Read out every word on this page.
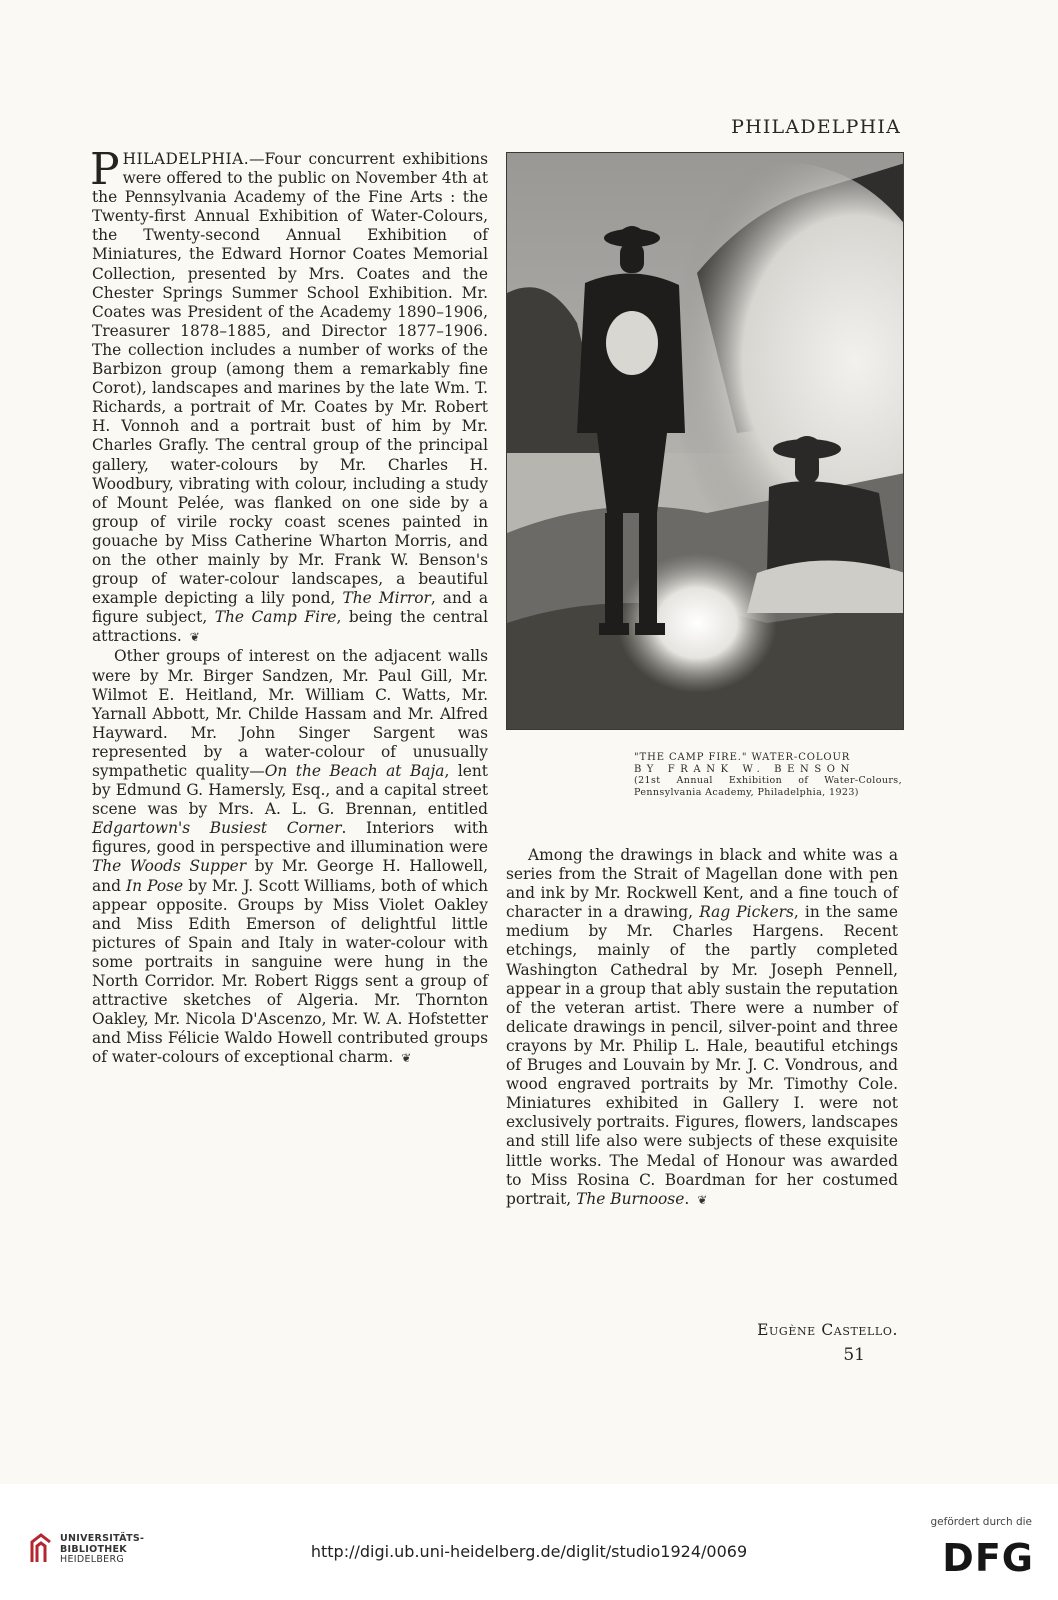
PHILADELPHIA

PHILADELPHIA.—Four concurrent exhibitions were offered to the public on November 4th at the Pennsylvania Academy of the Fine Arts : the Twenty-first Annual Exhibition of Water-Colours, the Twenty-second Annual Exhibition of Miniatures, the Edward Hornor Coates Memorial Collection, presented by Mrs. Coates and the Chester Springs Summer School Exhibition. Mr. Coates was President of the Academy 1890–1906, Treasurer 1878–1885, and Director 1877–1906. The collection includes a number of works of the Barbizon group (among them a remarkably fine Corot), landscapes and marines by the late Wm. T. Richards, a portrait of Mr. Coates by Mr. Robert H. Vonnoh and a portrait bust of him by Mr. Charles Grafly. The central group of the principal gallery, water-colours by Mr. Charles H. Woodbury, vibrating with colour, including a study of Mount Pelée, was flanked on one side by a group of virile rocky coast scenes painted in gouache by Miss Catherine Wharton Morris, and on the other mainly by Mr. Frank W. Benson's group of water-colour landscapes, a beautiful example depicting a lily pond, The Mirror, and a figure subject, The Camp Fire, being the central attractions. ❦

Other groups of interest on the adjacent walls were by Mr. Birger Sandzen, Mr. Paul Gill, Mr. Wilmot E. Heitland, Mr. William C. Watts, Mr. Yarnall Abbott, Mr. Childe Hassam and Mr. Alfred Hayward. Mr. John Singer Sargent was represented by a water-colour of unusually sympathetic quality—On the Beach at Baja, lent by Edmund G. Hamersly, Esq., and a capital street scene was by Mrs. A. L. G. Brennan, entitled Edgartown's Busiest Corner. Interiors with figures, good in perspective and illumination were The Woods Supper by Mr. George H. Hallowell, and In Pose by Mr. J. Scott Williams, both of which appear opposite. Groups by Miss Violet Oakley and Miss Edith Emerson of delightful little pictures of Spain and Italy in water-colour with some portraits in sanguine were hung in the North Corridor. Mr. Robert Riggs sent a group of attractive sketches of Algeria. Mr. Thornton Oakley, Mr. Nicola D'Ascenzo, Mr. W. A. Hofstetter and Miss Félicie Waldo Howell contributed groups of water-colours of exceptional charm. ❦

"THE CAMP FIRE." WATER-COLOUR
BY FRANK W. BENSON
(21st Annual Exhibition of Water-Colours, Pennsylvania Academy, Philadelphia, 1923)

Among the drawings in black and white was a series from the Strait of Magellan done with pen and ink by Mr. Rockwell Kent, and a fine touch of character in a drawing, Rag Pickers, in the same medium by Mr. Charles Hargens. Recent etchings, mainly of the partly completed Washington Cathedral by Mr. Joseph Pennell, appear in a group that ably sustain the reputation of the veteran artist. There were a number of delicate drawings in pencil, silver-point and three crayons by Mr. Philip L. Hale, beautiful etchings of Bruges and Louvain by Mr. J. C. Vondrous, and wood engraved portraits by Mr. Timothy Cole. Miniatures exhibited in Gallery I. were not exclusively portraits. Figures, flowers, landscapes and still life also were subjects of these exquisite little works. The Medal of Honour was awarded to Miss Rosina C. Boardman for her costumed portrait, The Burnoose. ❦

Eugène Castello.
51
UNIVERSITÄTS-
BIBLIOTHEK
HEIDELBERG	http://digi.ub.uni-heidelberg.de/diglit/studio1924/0069
gefördert durch die
DFG
